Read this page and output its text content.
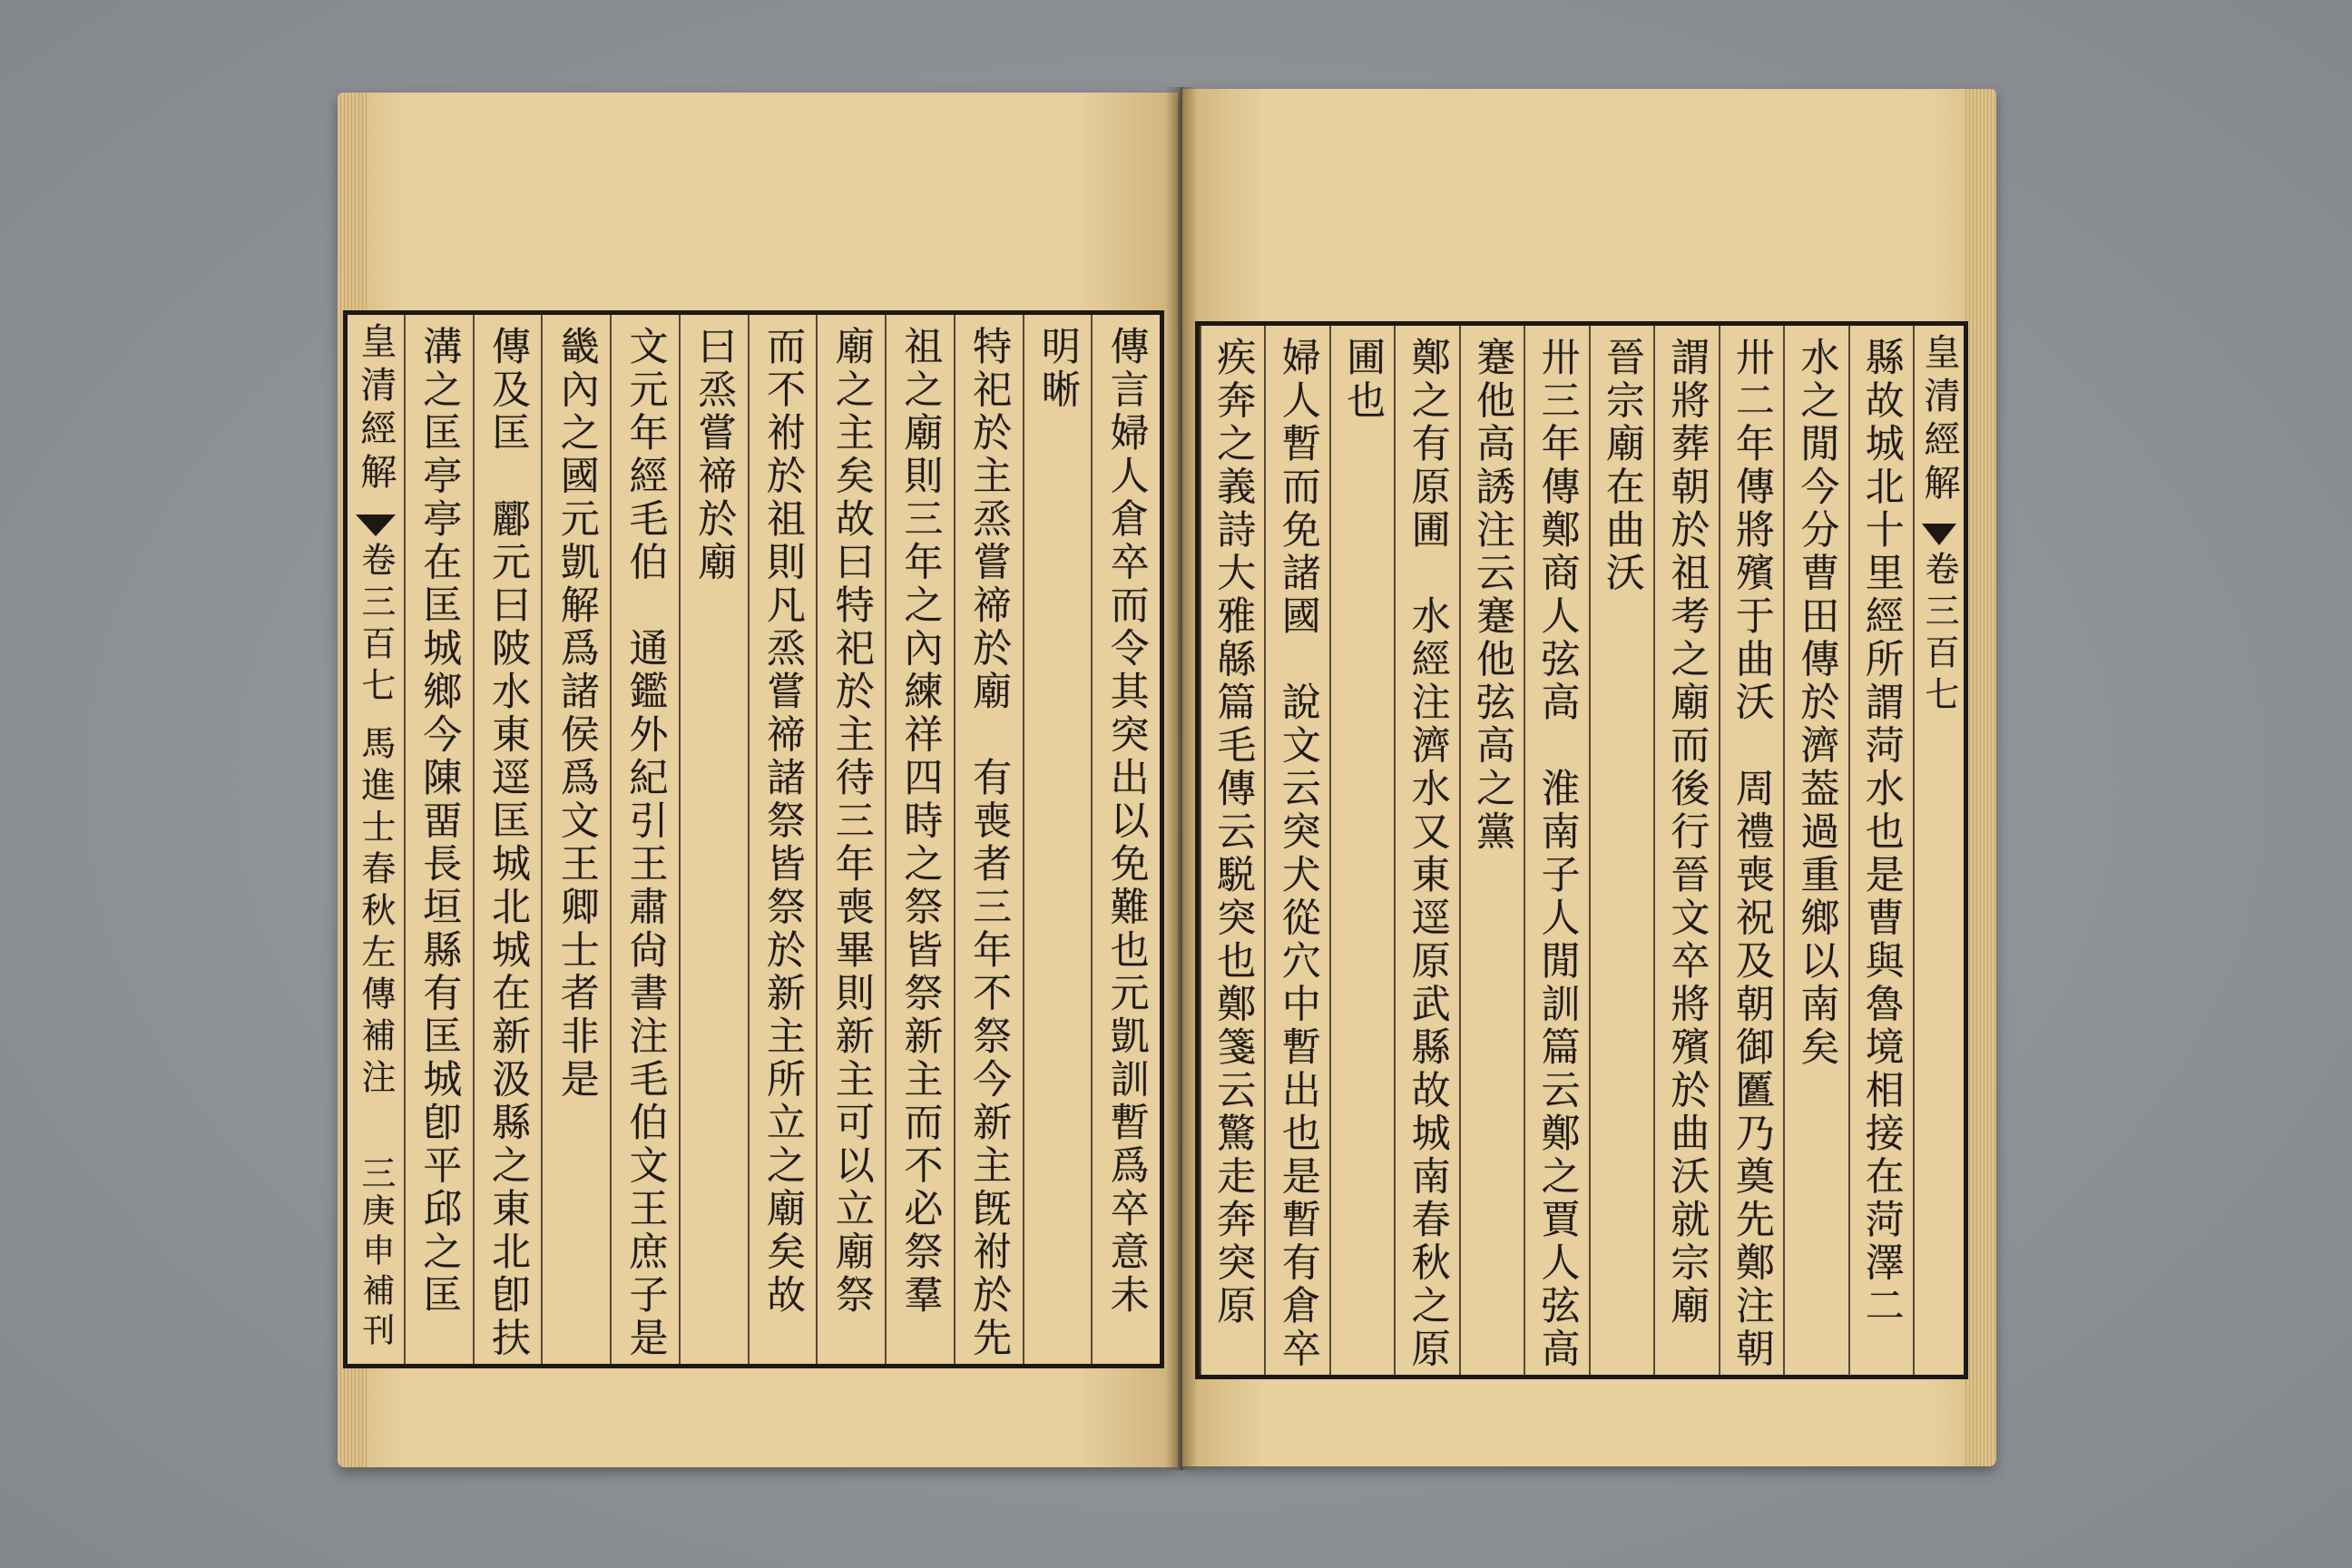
傳言婦人倉卒而令其突出以免難也元凱訓暫爲卒意未
明晰
特祀於主烝嘗禘於廟　有喪者三年不祭今新主旣祔於先
祖之廟則三年之內練祥四時之祭皆祭新主而不必祭羣
廟之主矣故曰特祀於主待三年喪畢則新主可以立廟祭
而不祔於祖則凡烝嘗禘諸祭皆祭於新主所立之廟矣故
曰烝嘗禘於廟
文元年經毛伯　通鑑外紀引王肅尙書注毛伯文王庶子是
畿內之國元凱解爲諸侯爲文王卿士者非是
傳及匡　酈元曰陂水東逕匡城北城在新汲縣之東北卽扶
溝之匡亭亭在匡城鄉今陳畱長垣縣有匡城卽平邱之匡
皇清經解
卷三百七
馬進士春秋左傳補注
三
庚申補刊
皇清經解
卷三百七
縣故城北十里經所謂菏水也是曹與魯境相接在菏澤二
水之閒今分曹田傳於濟葢過重鄉以南矣
卅二年傳將殯于曲沃　周禮喪祝及朝御匶乃奠先鄭注朝
謂將葬朝於祖考之廟而後行晉文卒將殯於曲沃就宗廟
晉宗廟在曲沃
卅三年傳鄭商人弦高　淮南子人閒訓篇云鄭之賈人弦高
蹇他高誘注云蹇他弦高之黨
鄭之有原圃　水經注濟水又東逕原武縣故城南春秋之原
圃也
婦人暫而免諸國　說文云突犬從穴中暫出也是暫有倉卒
疾奔之義詩大雅緜篇毛傳云駾突也鄭箋云驚走奔突原
